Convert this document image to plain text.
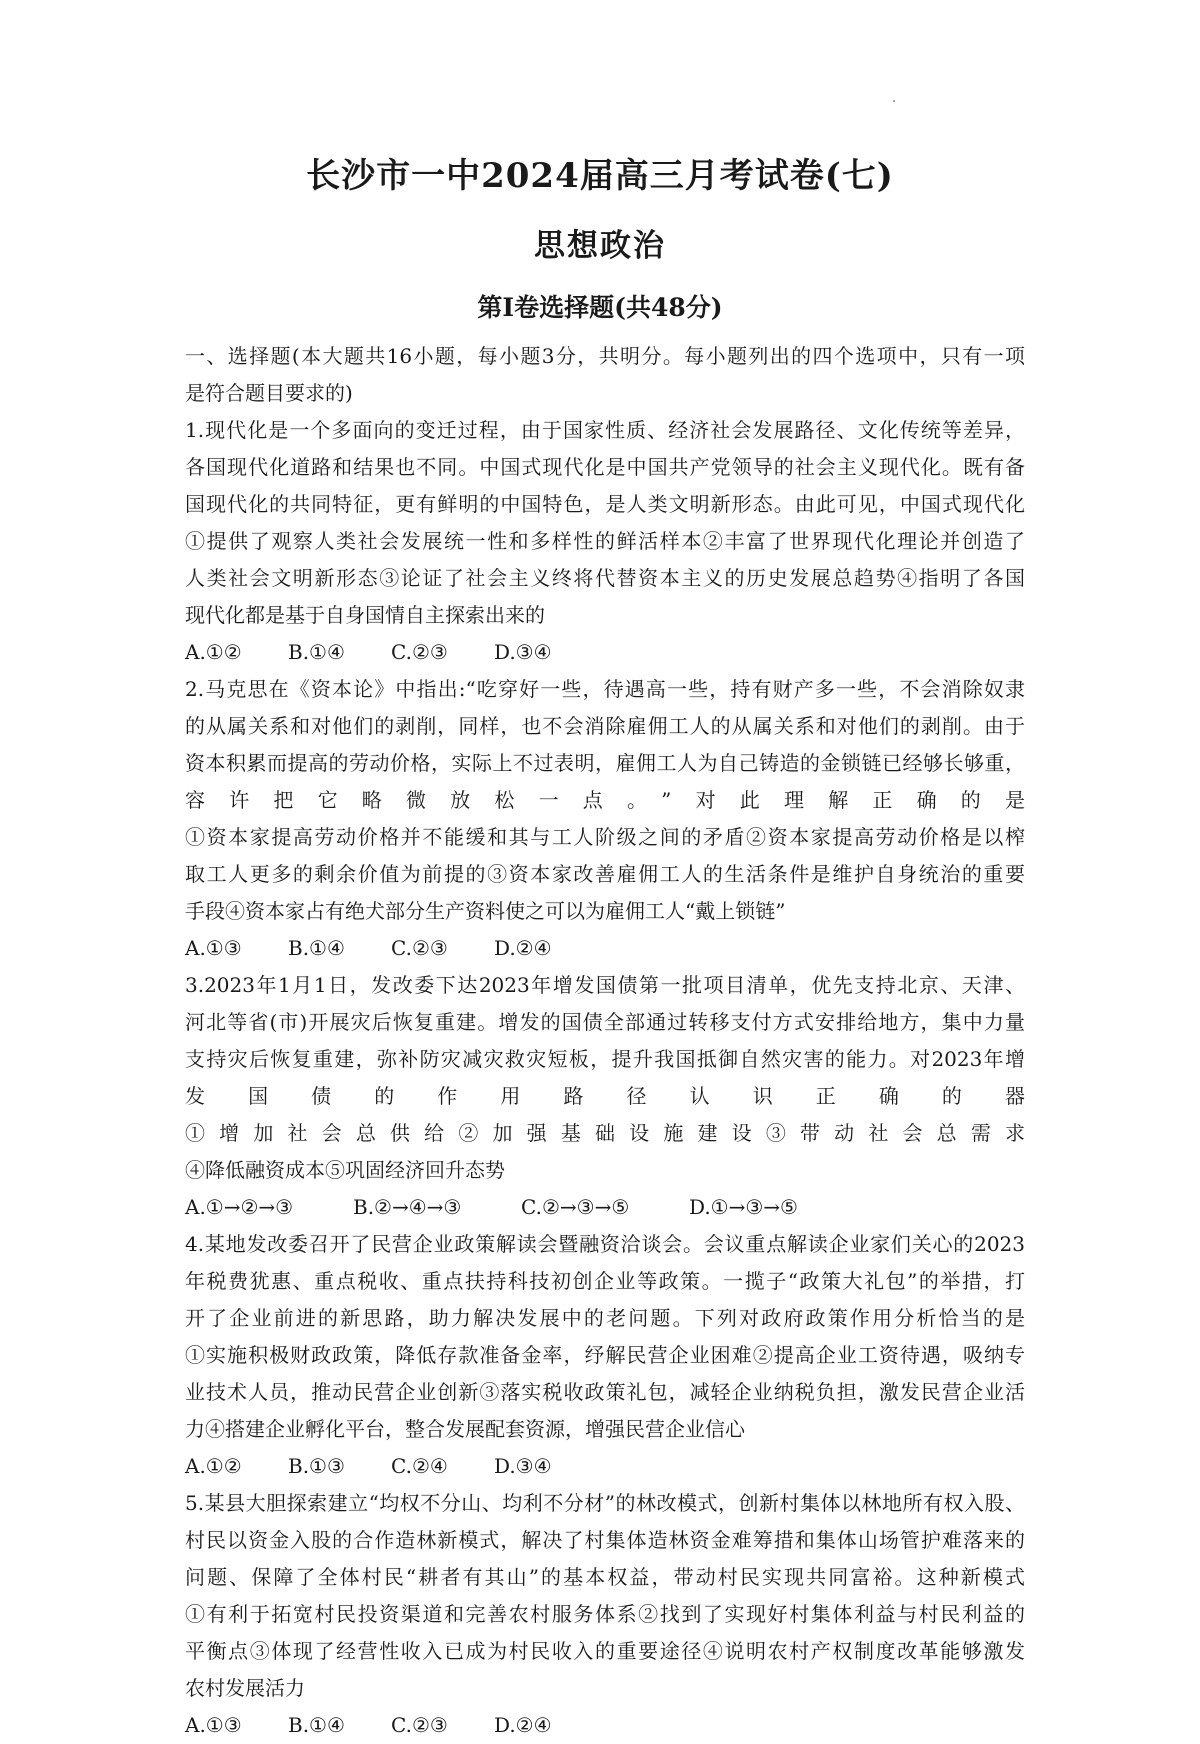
长沙市一中2024届高三月考试卷(七)
思想政治
第I卷选择题(共48分)
一、选择题(本大题共16小题，每小题3分，共明分。每小题列出的四个选项中，只有一项
是符合题目要求的)
1.现代化是一个多面向的变迁过程，由于国家性质、经济社会发展路径、文化传统等差异，
各国现代化道路和结果也不同。中国式现代化是中国共产党领导的社会主义现代化。既有备
国现代化的共同特征，更有鲜明的中国特色，是人类文明新形态。由此可见，中国式现代化
①提供了观察人类社会发展统一性和多样性的鲜活样本②丰富了世界现代化理论并创造了
人类社会文明新形态③论证了社会主义终将代替资本主义的历史发展总趋势④指明了各国
现代化都是基于自身国情自主探索出来的
A.①② B.①④ C.②③ D.③④
2.马克思在《资本论》中指出:“吃穿好一些，待遇高一些，持有财产多一些，不会消除奴隶
的从属关系和对他们的剥削，同样，也不会消除雇佣工人的从属关系和对他们的剥削。由于
资本积累而提高的劳动价格，实际上不过表明，雇佣工人为自己铸造的金锁链已经够长够重，
容许把它略微放松一点。”对此理解正确的是
①资本家提高劳动价格并不能缓和其与工人阶级之间的矛盾②资本家提高劳动价格是以榨
取工人更多的剩余价值为前提的③资本家改善雇佣工人的生活条件是维护自身统治的重要
手段④资本家占有绝犬部分生产资料使之可以为雇佣工人“戴上锁链”
A.①③ B.①④ C.②③ D.②④
3.2023年1月1日，发改委下达2023年增发国债第一批项目清单，优先支持北京、天津、
河北等省(市)开展灾后恢复重建。增发的国债全部通过转移支付方式安排给地方，集中力量
支持灾后恢复重建，弥补防灾减灾救灾短板，提升我国抵御自然灾害的能力。对2023年增
发国债的作用路径认识正确的器
①增加社会总供给②加强基础设施建设③带动社会总需求
④降低融资成本⑤巩固经济回升态势
A.①→②→③	B.②→④→③	C.②→③→⑤	D.①→③→⑤
4.某地发改委召开了民营企业政策解读会暨融资洽谈会。会议重点解读企业家们关心的2023
年税费犹惠、重点税收、重点扶持科技初创企业等政策。一揽子“政策大礼包”的举措，打
开了企业前进的新思路，助力解决发展中的老问题。下列对政府政策作用分析恰当的是
①实施积极财政政策，降低存款准备金率，纾解民营企业困难②提高企业工资待遇，吸纳专
业技术人员，推动民营企业创新③落实税收政策礼包，减轻企业纳税负担，激发民营企业活
力④搭建企业孵化平台，整合发展配套资源，增强民营企业信心
A.①② B.①③ C.②④ D.③④
5.某县大胆探索建立“均权不分山、均利不分材”的林改模式，创新村集体以林地所有权入股、
村民以资金入股的合作造林新模式，解决了村集体造林资金难筹措和集体山场管护难落来的
问题、保障了全体村民“耕者有其山”的基本权益，带动村民实现共同富裕。这种新模式
①有利于拓宽村民投资渠道和完善农村服务体系②找到了实现好村集体利益与村民利益的
平衡点③体现了经营性收入已成为村民收入的重要途径④说明农村产权制度改革能够激发
农村发展活力
A.①③ B.①④ C.②③ D.②④
